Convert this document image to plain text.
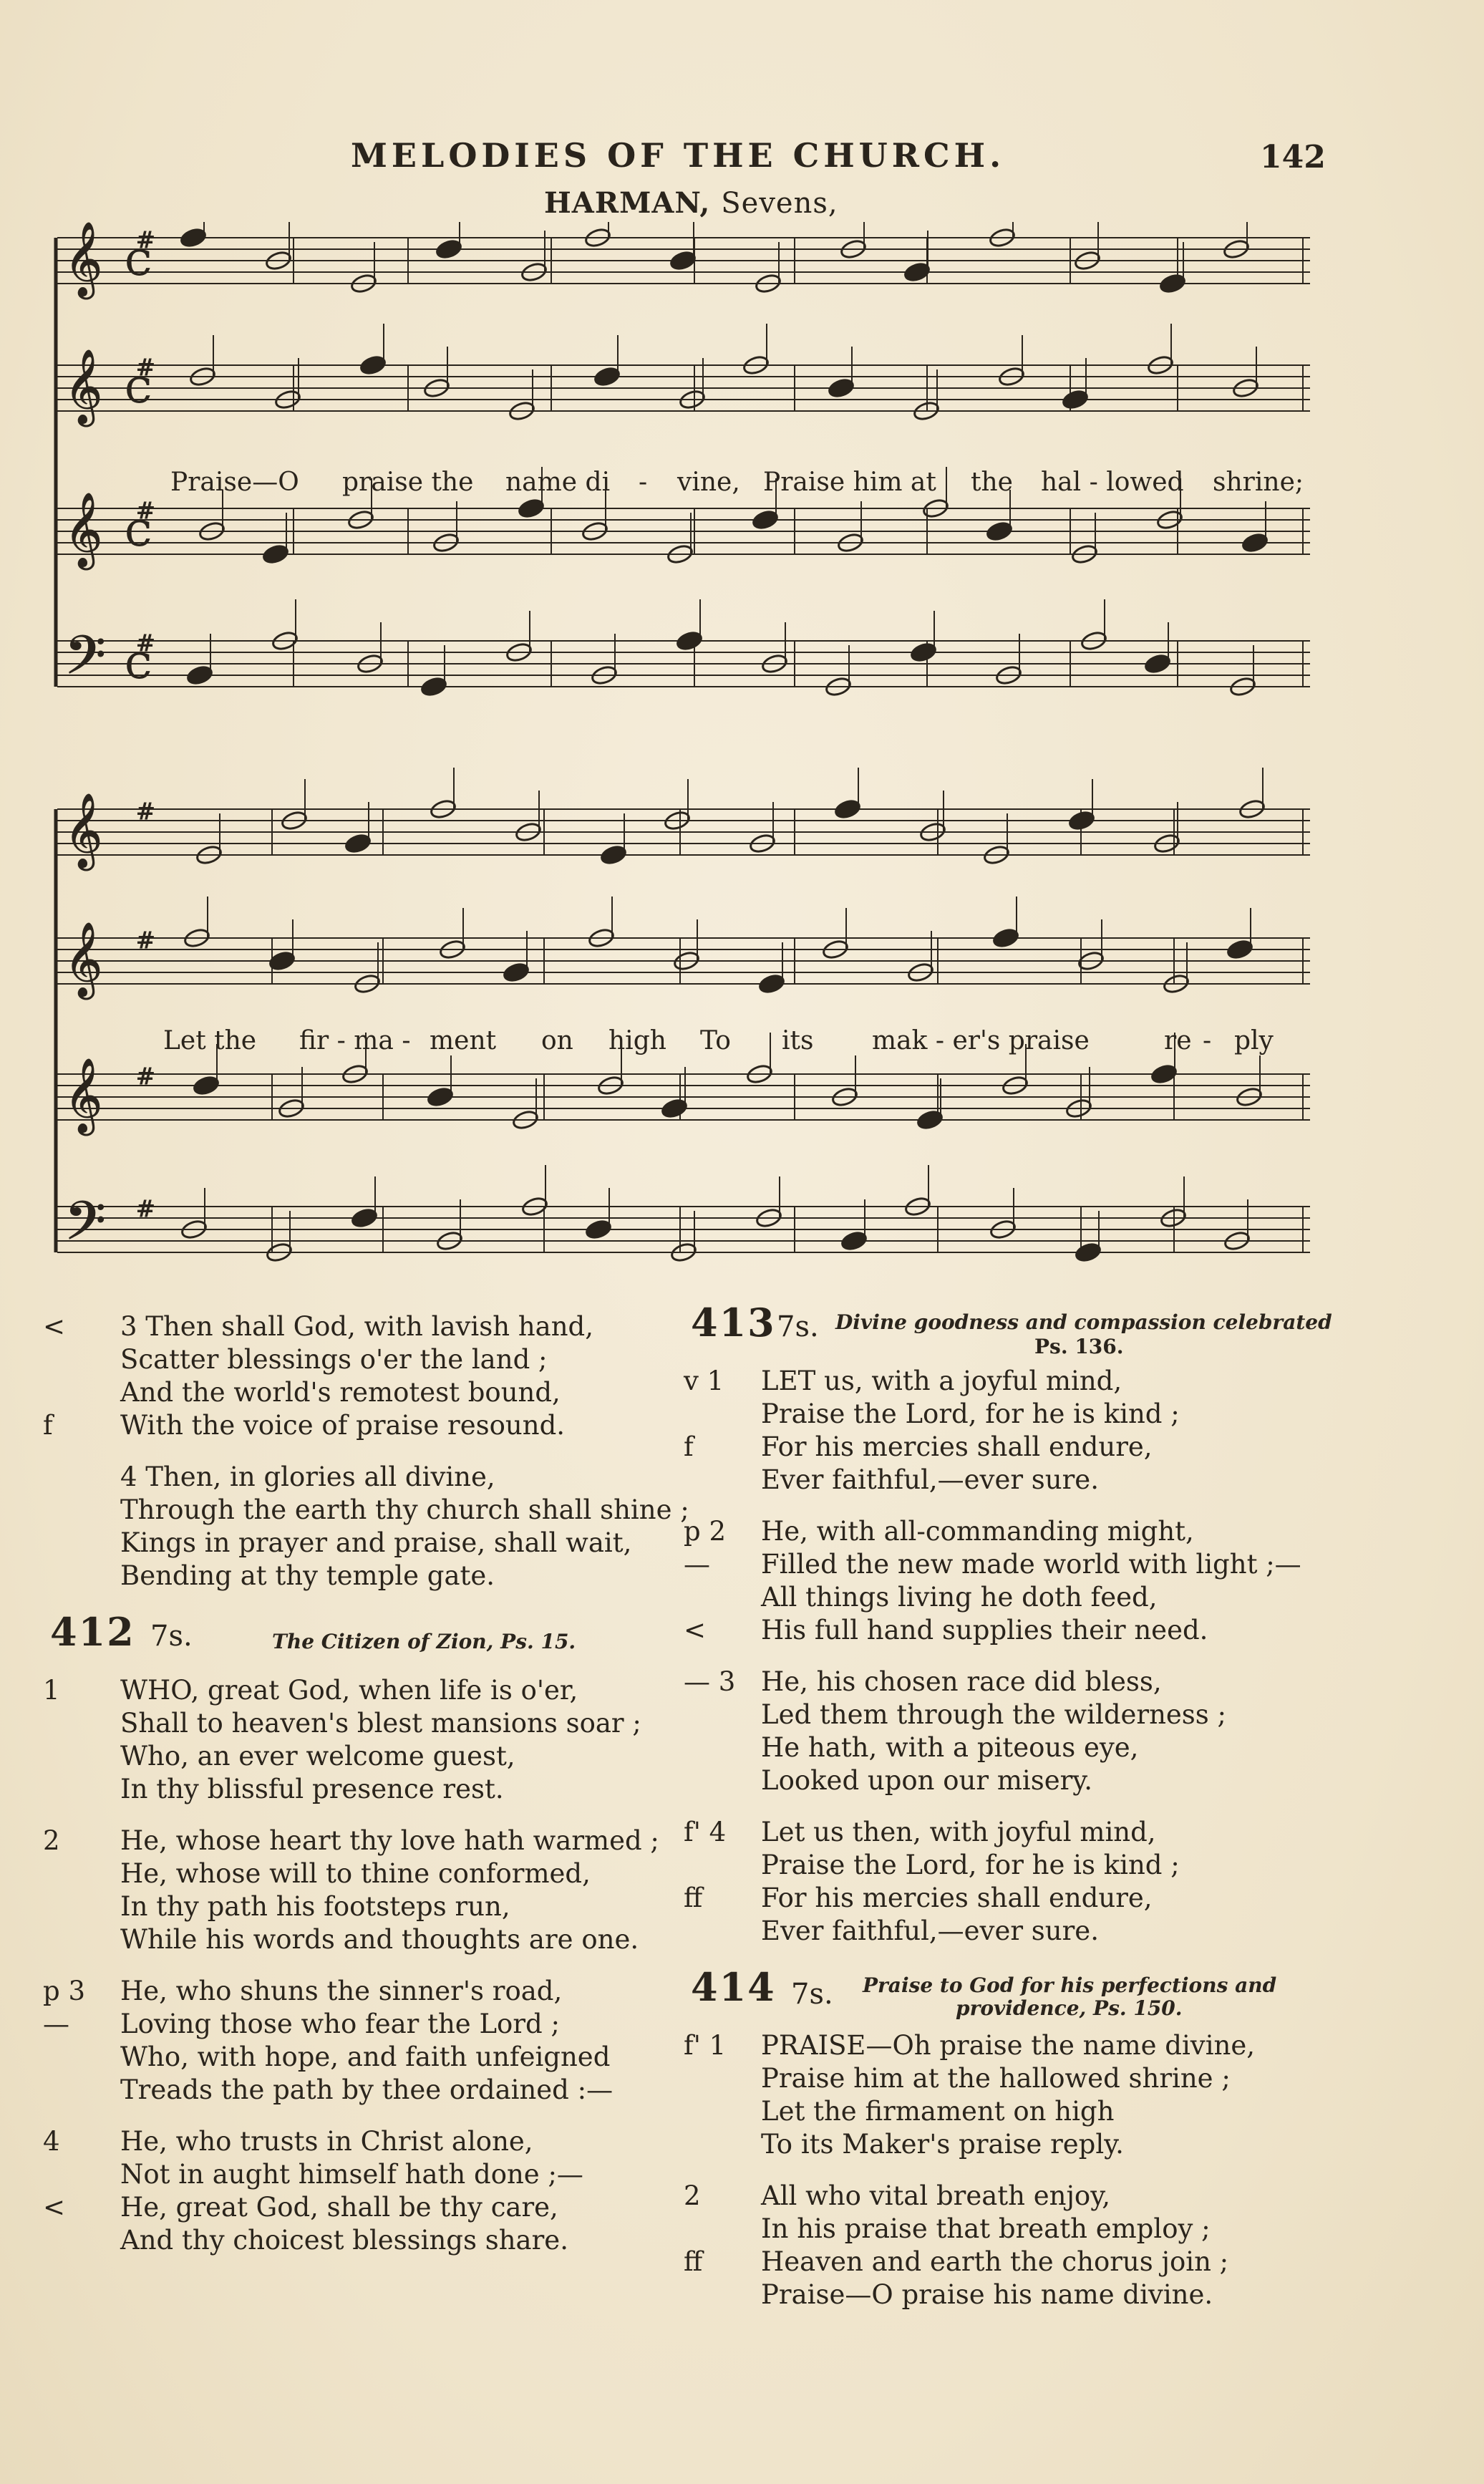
MELODIES OF THE CHURCH.	142
HARMAN, Sevens,
Praise—O praise the name di - vine, Praise him at the hal - lowed shrine;
Let the fir - ma - ment on high To its mak - er's praise	re - ply
𝄞 C
#
𝄞 C
#
𝄞 C
#
𝄢 C
#
𝄞 #
𝄞 #
𝄞 #
𝄢 #
<	3 Then shall God, with lavish hand,
Scatter blessings o'er the land ;
And the world's remotest bound,
f	With the voice of praise resound.
4 Then, in glories all divine,
Through the earth thy church shall shine ;
Kings in prayer and praise, shall wait,
Bending at thy temple gate.
412 7s.	The Citizen of Zion, Ps. 15.
1	WHO, great God, when life is o'er,
Shall to heaven's blest mansions soar ;
Who, an ever welcome guest,
In thy blissful presence rest.
2	He, whose heart thy love hath warmed ;
He, whose will to thine conformed,
In thy path his footsteps run,
While his words and thoughts are one.
p 3 He, who shuns the sinner's road,
—	Loving those who fear the Lord ;
Who, with hope, and faith unfeigned
Treads the path by thee ordained :—
4	He, who trusts in Christ alone,
Not in aught himself hath done ;—
<	He, great God, shall be thy care,
And thy choicest blessings share.
413 7s. Divine goodness and compassion celebrated
Ps. 136.
v 1	LET us, with a joyful mind,
Praise the Lord, for he is kind ;
f	For his mercies shall endure,
Ever faithful,—ever sure.
p 2 He, with all-commanding might,
—	Filled the new made world with light ;—
All things living he doth feed,
<	His full hand supplies their need.
— 3 He, his chosen race did bless,
Led them through the wilderness ;
He hath, with a piteous eye,
Looked upon our misery.
f' 4 Let us then, with joyful mind,
Praise the Lord, for he is kind ;
ff	For his mercies shall endure,
Ever faithful,—ever sure.
414 7s. Praise to God for his perfections and
providence, Ps. 150.
f' 1 PRAISE—Oh praise the name divine,
Praise him at the hallowed shrine ;
Let the firmament on high
To its Maker's praise reply.
2	All who vital breath enjoy,
In his praise that breath employ ;
ff	Heaven and earth the chorus join ;
Praise—O praise his name divine.
